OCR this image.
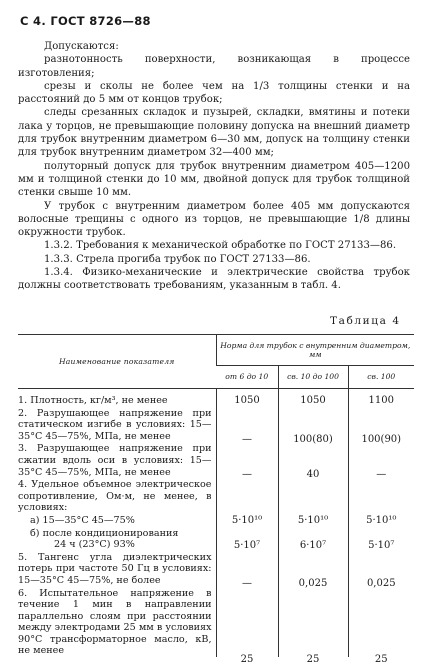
С 4. ГОСТ 8726—88

Допускаются:

разнотонность поверхности, возникающая в процессе изготовления;

срезы и сколы не более чем на 1/3 толщины стенки и на расстояний до 5 мм от концов трубок;

следы срезанных складок и пузырей, складки, вмятины и потеки лака у торцов, не превышающие половину допуска на внешний диаметр для трубок внутренним диаметром 6—30 мм, допуск на толщину стенки для трубок внутренним диаметром 32—400 мм;

полуторный допуск для трубок внутренним диаметром 405—1200 мм и толщиной стенки до 10 мм, двойной допуск для трубок толщиной стенки свыше 10 мм.

У трубок с внутренним диаметром более 405 мм допускаются волосные трещины с одного из торцов, не превышающие 1/8 длины окружности трубок.

1.3.2. Требования к механической обработке по ГОСТ 27133—86.

1.3.3. Стрела прогиба трубок по ГОСТ 27133—86.

1.3.4. Физико-механические и электрические свойства трубок должны соответствовать требованиям, указанным в табл. 4.

Таблица 4
Наименование показателя	Норма для трубок с внутренним диаметром, мм		
	от 6 до 10	св. 10 до 100	св. 100

1. Плотность, кг/м³, не менее	1050	1050	1100

2. Разрушающее напряжение при статическом изгибе в условиях: 15—35°С 45—75%, МПа, не менее	—	100(80)	100(90)

3. Разрушающее напряжение при сжатии вдоль оси в условиях: 15—35°С 45—75%, МПа, не менее	—	40	—

4. Удельное объемное электрическое сопротивление, Ом·м, не менее, в условиях:			

а) 15—35°С 45—75%	5·10¹⁰	5·10¹⁰	5·10¹⁰

б) после кондиционирования
24 ч (23°С) 93%	5·10⁷	6·10⁷	5·10⁷

5. Тангенс угла диэлектрических потерь при частоте 50 Гц в условиях: 15—35°С 45—75%, не более	—	0,025	0,025

6. Испытательное напряжение в течение 1 мин в направлении параллельно слоям при расстоянии между электродами 25 мм в условиях 90°С трансформаторное масло, кВ, не менее	25	25	25
